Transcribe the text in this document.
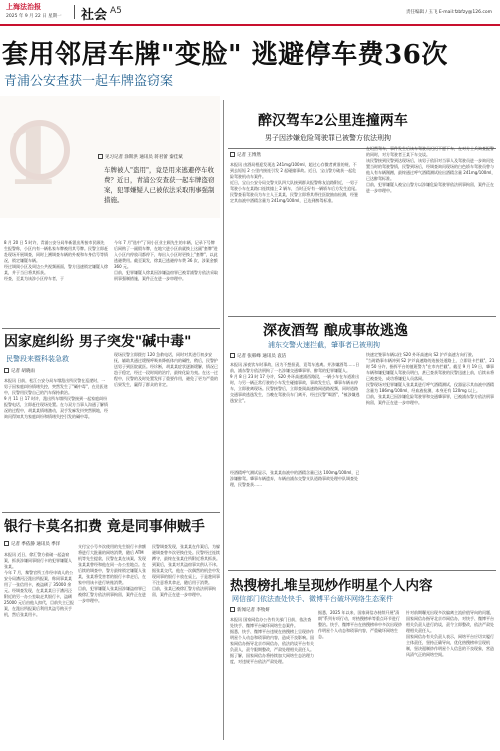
上海法治报
2025 年 9 月 22 日 星期一 社会 A5	责任编辑 / 玉飞 E-mail:fzbfzy@126.com
套用邻居车牌"变脸" 逃避停车费36次
青浦公安查获一起车牌盗窃案
1	见习记者 涂斯洪 通讯员 蒋君蕾 秦佳斌
车牌被人"盗用"，竟是用来逃避停车收费？近日，青浦公安查获一起车牌盗窃案，犯罪嫌疑人已被依法采取刑事强制措施。
8 月 20 日 5 时许，青浦公安分局华新派出所接市民顾先生报警称，小区内有一辆私家车牌被用其号牌。民警立即赶赴现场开展调查，同时上溯调查车辆的外观和车身信号等情况，锁定嫌疑车辆。
经过调阅小区及周边公共视频画面，警方迅速锁定嫌疑人徐某，并于当日将其抓获。
经查，至某为该涉小区停车者，于
今年 7 月"选中"了同小区业主顾先生的车辆，记录下号牌后网购了一副假车牌，在地穴进小区前就换上这副"套牌"进入小区内停放司都停下，每出入小区时更换上"套牌"，以此逃避费用。截至案发，徐某已逃避停车费 36 次，涉案金额 360 元。
目前，犯罪嫌疑人徐某因涉嫌盗窃罪已被青浦警方依法采取刑事强制措施，案件正在进一步审理中。
醉汉驾车2公里连撞两车
男子因涉嫌危险驾驶罪已被警方依法刑拘
记者 王博然
本报讯 由酒局相迎发现达 241mg/100ml，超过心存微者黄准的规，不到去短短 2 公里内接连引发 2 起碰撞事故。近日，宝山警方破获一起危险驾驶机动车案件。
近日，宝山公安分局交警支队四大队接到群众报警称友谊路附近，一男子驾驶小车在某路口连续撞上 2 辆车，当时正好有一辆轿车后方发生追尾。民警查看驾驶员为车主人王某某，民警立即将其带往医院抽血检测，经鉴定其血液中酒精含量为 241mg/100ml，已达到醉驾标准。
在坦然驾车，事件发生后该车驾驶员迟迟不愿下车，在对方士兵询查报警的同时，对方驾驶者王某下车交谈。
该民警接到民警到达现场后，该男子依旧对当事人及驾驶员进一步询问处置当时的驾驶警情，民警到场后，经调查询问现场的白色轿车驾驶员曾与他人有车辆剐蹭，最终通过呼气酒精测试检出酒精含量 241mg/100ml，已达醉驾标准。
目前，犯罪嫌疑人被宝山警方以涉嫌危险驾驶罪依法刑事拘留，案件正在进一步审理中。
深夜酒驾 酿成事故逃逸
浦东交警火速拦截，肇事者已被刑拘
记者 张韩峰 通讯员 袁洁
本报讯 深夜饮车时事故，因为不想担责，竟驾车逃离。并涉嫌酒驾……日前，浦东警方依法刑拘了一名涉嫌交通肇事罪、醉驾的犯罪嫌疑人。
9 月 8 日 23 时 17 分许，S20 外环高速浦西路段，一辆小车在车道准出时，与另一辆正常行驶的小车发生碰撞事故，事故发生后，肇事车辆未停车，立即驶离现场。民警接警后，立即查阅高速路网道路视频，同时道路交通事故逃逸发生，当晚在驾驶员车门离开，经过民警"喝酒"，"被涉嫌逃逸安全"。
经酒精呼气测试显示，张某某血液中的酒精含量已达 100mg/100ml，已涉嫌醉驾。肇事车辆遗弃，车辆由浦东交警支队道路事故处理中队调查处理，民警查获……
快速定签事车辆以往 S20 外环高速向 S2 沪芦高速方向行驶。
"当时路事车辆冲到 S2 沪芦高速路的连接处道路上，立即设卡拦截"，21 时 50 分许，指挥平台的值班警力"在市内拦截"。截至 9 月 19 日，肇事车辆和嫌犯嫌疑人驾驶员明白，甚已查获驾驶的民警迅速上前，后续未将已被查处，成功将嫌犯人员落网。
民警现场对犯罪嫌疑人张某某进行呼气酒精测试，仪器显示其血液中酒精含量为 186mg/100ml，经血液检测，本身还有 120mg 以上。
目前，张某某已因涉嫌危险驾驶罪和交通肇事罪，已被浦东警方依法刑事拘留，案件正在进一步审理中。
因家庭纠纷 男子突发"碱中毒"
民警段来暨科装急救
记者 胡晓雨
本报讯 日前，松江公安分局车墩派出所民警在巡逻时，一男子因家庭纠纷情绪失控，突然发生了"碱中毒"，在送医途中，民警用民警自己的汽车保持救治。
9 月 11 日 17 时许，派出所车墩所民警接到一起家庭纠纷报警电话，立即赶往现场处置。在与双方当事人沟通了解情况的过程中，胡某某情绪激动，双手发麻发抖突然倒地，经询问得知其为家庭纠纷和情绪失控引发的碱中毒。
现场民警立即拨打 120 急救电话，同时对其进行初步安抚，辅助其通过缓慢呼吸来降低体内的碱性，稍后，民警护送男子到医院就医。经诊断，胡某某症状逐渐缓解，情况已趋于稳定，经过一段时间的治疗，最终化险为夷。在这一过程中，民警的及时处置发挥了重要作用，避免了更为严重的后果发生，赢得了群众的肯定。
银行卡莫名扣费 竟是同事伸贼手
记者 季依静 通讯员 季洋
本报讯 近日，徐汇警方侦破一起盗窃案，抓获涉嫌同事银行卡的犯罪嫌疑人张某。
今年 7 月，黎警官所工作经申请人的公安分局漕河泾派出所报案，称同事某某用了一张信用卡，被盗刷了 35000 余元。经调查发现，在某某某日于漕河泾附近的另一办公室取走其银行卡，盗刷 25000 元后由他人扣代，目前失主已报案，在派出所报案后利用其盗号购买手机，然后张某用卡。
支付宝小号多次使用的先生银行卡余额将进行大批量的网络消费，随后 ATM 机等先生提款，民警在某在该案，发现张某某曾经和他在同一办公室地点。在后续的调查中，警方最终锁定嫌疑人张某，张某将受害者的银行卡拿走后，在家中用该卡进行转账消费。
目前，犯罪嫌疑人张某因涉嫌盗窃罪已被徐汇警方依法刑事拘留，案件正在进一步审理中。
民警调查发现，张某某在作案后，为躲避调查曾多次更换住处。民警经过连续蹲守，最终在张某住所附近将其抓获。到案后，张某对其盗窃事实供认不讳。
据张某交代，他在一次偶然的机会中发现同事的银行卡放在桌上，于是趁同事不注意将其拿走，随后用于消费。
目前，张某已被徐汇警方依法刑事拘留，案件正在进一步审理中。
热搜榜扎堆呈现炒作明星个人内容
网信部门依法查处快手、微博平台破坏网络生态案件
新闻记者 李牧妍
本报讯 国家网信办公告有关部门日前，依法查处快手、微博平台破坏网络生态案件。
据悉，快手、微博平台违规在热搜榜上呈现炒作明星个人动态和琐事的内容，造成不良影响。国家网信办指导北京市网信办，依法约谈平台有关负责人，责令限期整改，严肃处理相关责任人。据了解，国家网信办将持续加大网络生态治理力度，对违规平台依法严肃处理。
据悉，2025 年以来，国家网信办持续开展"清朗"系列专项行动，对热搜榜单等重点环节进行整治。快手、微博平台在热搜榜单中多次出现炒作明星个人动态和琐事内容，严重破坏网络生态。
针对前期曝光出现多次偏离主流价值导向的问题，国家网信办指导北京市网信办，对快手、微博平台相关负责人进行约谈，责令立即整改，依法严肃处理相关责任人。
国家网信办有关负责人表示，网络平台应切实履行主体责任，坚持正确导向，优化热搜榜单呈现机制，坚决遏制炒作明星个人信息的不良现象，营造风清气正的网络空间。
